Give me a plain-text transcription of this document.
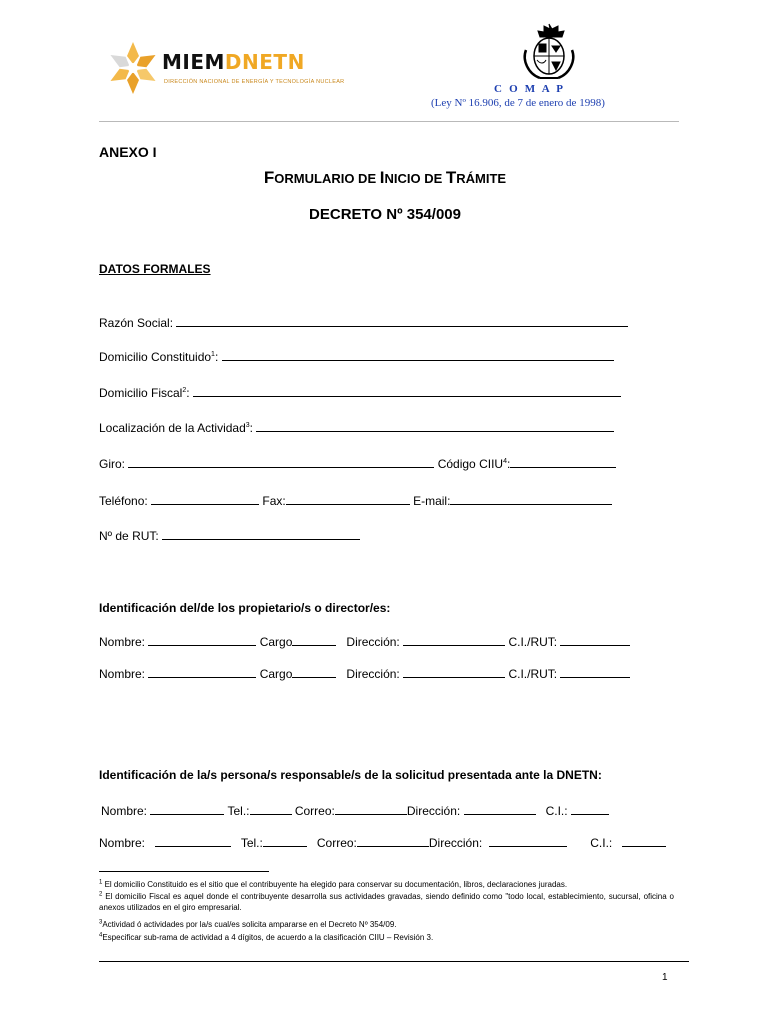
MIEMDNETN
DIRECCIÓN NACIONAL DE ENERGÍA Y TECNOLOGÍA NUCLEAR
C O M A P
(Ley Nº 16.906, de 7 de enero de 1998)
ANEXO I
FORMULARIO DE INICIO DE TRÁMITE
DECRETO Nº 354/009
DATOS FORMALES
Razón Social:
Domicilio Constituido$^1$:
Domicilio Fiscal$^2$:
Localización de la Actividad$^3$:
Giro:	Código CIIU$^4$:
Teléfono:	Fax:	E-mail:
Nº de RUT:
Identificación del/de los propietario/s o director/es:
Nombre:	Cargo	Dirección:	C.I./RUT:
Nombre:	Cargo	Dirección:	C.I./RUT:
Identificación de la/s persona/s responsable/s de la solicitud presentada ante la DNETN:
Nombre:	Tel.:	Correo:	Dirección:	C.I.:
Nombre:	Tel.:	Correo:	Dirección:	C.I.:
$^1$ El domicilio Constituido es el sitio que el contribuyente ha elegido para conservar su documentación, libros, declaraciones juradas.
$^2$ El domicilio Fiscal es aquel donde el contribuyente desarrolla sus actividades gravadas, siendo definido como "todo local, establecimiento, sucursal, oficina o anexos utilizados en el giro empresarial.
$^3$Actividad ó actividades por la/s cual/es solicita ampararse en el Decreto Nº 354/09.
$^4$Especificar sub-rama de actividad a 4 dígitos, de acuerdo a la clasificación CIIU – Revisión 3.
1
